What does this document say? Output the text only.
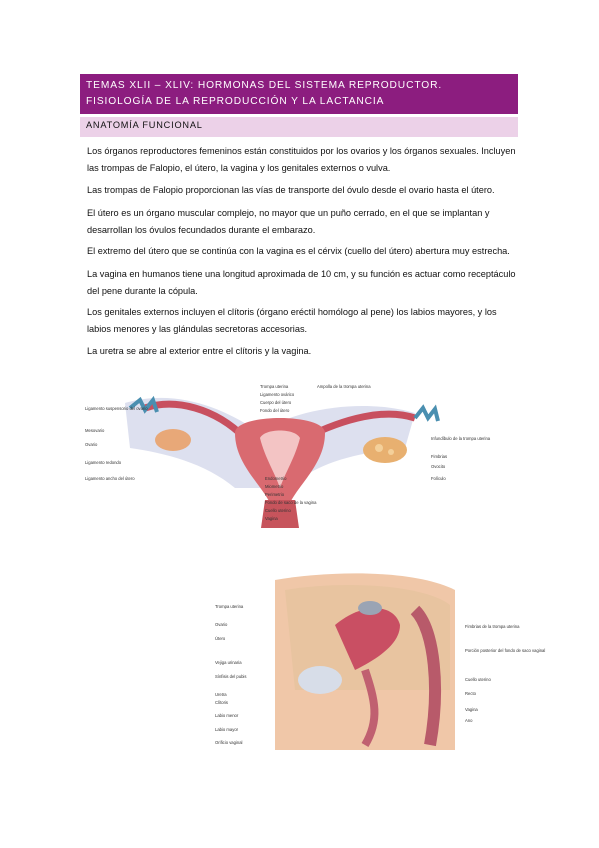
TEMAS XLII – XLIV: HORMONAS DEL SISTEMA REPRODUCTOR. FISIOLOGÍA DE LA REPRODUCCIÓN Y LA LACTANCIA
ANATOMÍA FUNCIONAL

Los órganos reproductores femeninos están constituidos por los ovarios y los órganos sexuales. Incluyen las trompas de Falopio, el útero, la vagina y los genitales externos o vulva.

Las trompas de Falopio proporcionan las vías de transporte del óvulo desde el ovario hasta el útero.

El útero es un órgano muscular complejo, no mayor que un puño cerrado, en el que se implantan y desarrollan los óvulos fecundados durante el embarazo.

El extremo del útero que se continúa con la vagina es el cérvix (cuello del útero) abertura muy estrecha.

La vagina en humanos tiene una longitud aproximada de 10 cm, y su función es actuar como receptáculo del pene durante la cópula.

Los genitales externos incluyen el clítoris (órgano eréctil homólogo al pene) los labios mayores, y los labios menores y las glándulas secretoras accesorias.

La uretra se abre al exterior entre el clítoris y la vagina.

Trompa uterina
Ligamento ovárico
Cuerpo del útero
Fondo del útero
Ampolla de la trompa uterina
Ligamento suspensorio del ovario
Mesovario
Ovario
Ligamento redondo
Ligamento ancho del útero
Infundíbulo de la trompa uterina
Fimbrias
Ovocito
Folículo
Endometrio
Miometrio
Perimetrio
Fondo de saco de la vagina
Cuello uterino
Vagina
Trompa uterina
Ovario
Útero
Vejiga urinaria
Sínfisis del pubis
Uretra
Clítoris
Labio menor
Labio mayor
Orificio vaginal
Fimbrias de la trompa uterina
Porción posterior del fondo de saco vaginal
Cuello uterino
Recto
Vagina
Ano
